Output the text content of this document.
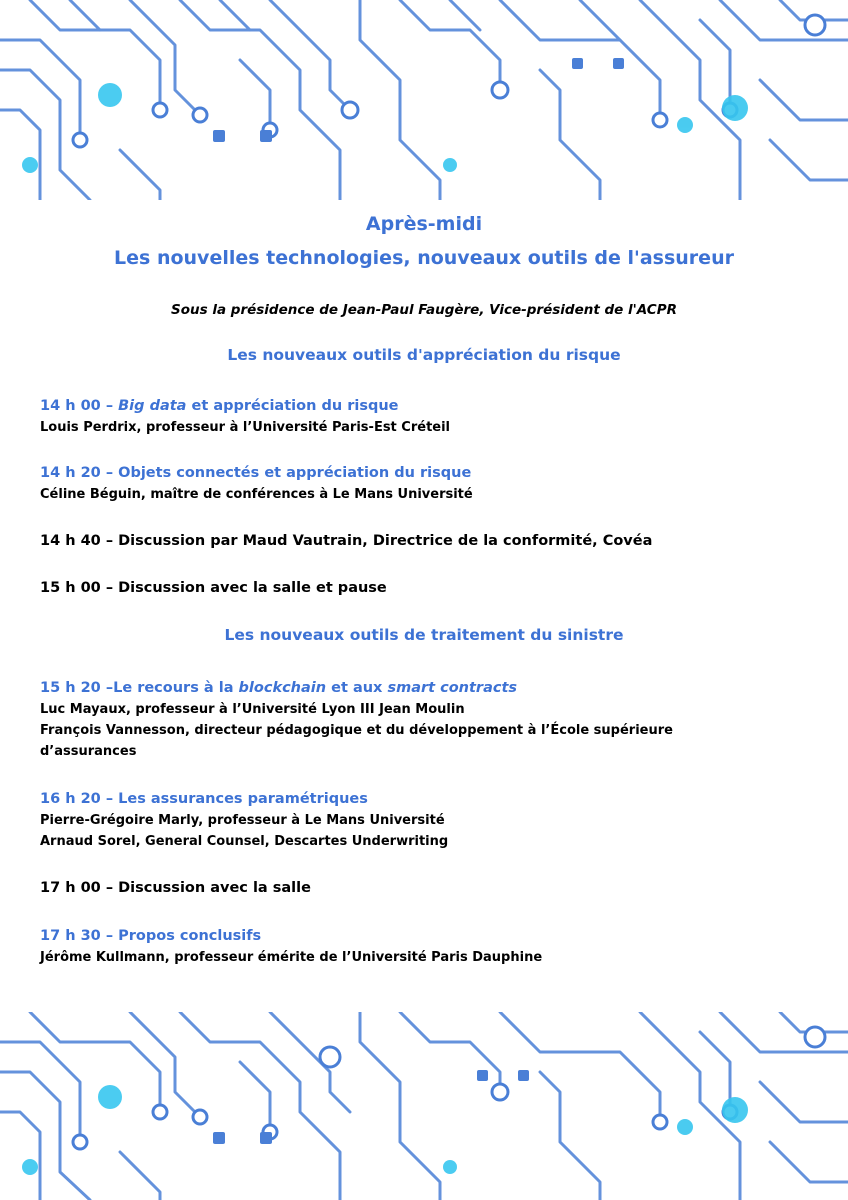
Après-midi

Les nouvelles technologies, nouveaux outils de l'assureur

Sous la présidence de Jean-Paul Faugère, Vice-président de l'ACPR

Les nouveaux outils d'appréciation du risque

14 h 00 – Big data et appréciation du risque

Louis Perdrix, professeur à l’Université Paris-Est Créteil

14 h 20 – Objets connectés et appréciation du risque

Céline Béguin, maître de conférences à Le Mans Université

14 h 40 – Discussion par Maud Vautrain, Directrice de la conformité, Covéa

15 h 00 – Discussion avec la salle et pause

Les nouveaux outils de traitement du sinistre

15 h 20 –Le recours à la blockchain et aux smart contracts

Luc Mayaux, professeur à l’Université Lyon III Jean Moulin

François Vannesson, directeur pédagogique et du développement à l’École supérieure

d’assurances

16 h 20 – Les assurances paramétriques

Pierre-Grégoire Marly, professeur à Le Mans Université

Arnaud Sorel, General Counsel, Descartes Underwriting

17 h 00 – Discussion avec la salle

17 h 30 – Propos conclusifs

Jérôme Kullmann, professeur émérite de l’Université Paris Dauphine
